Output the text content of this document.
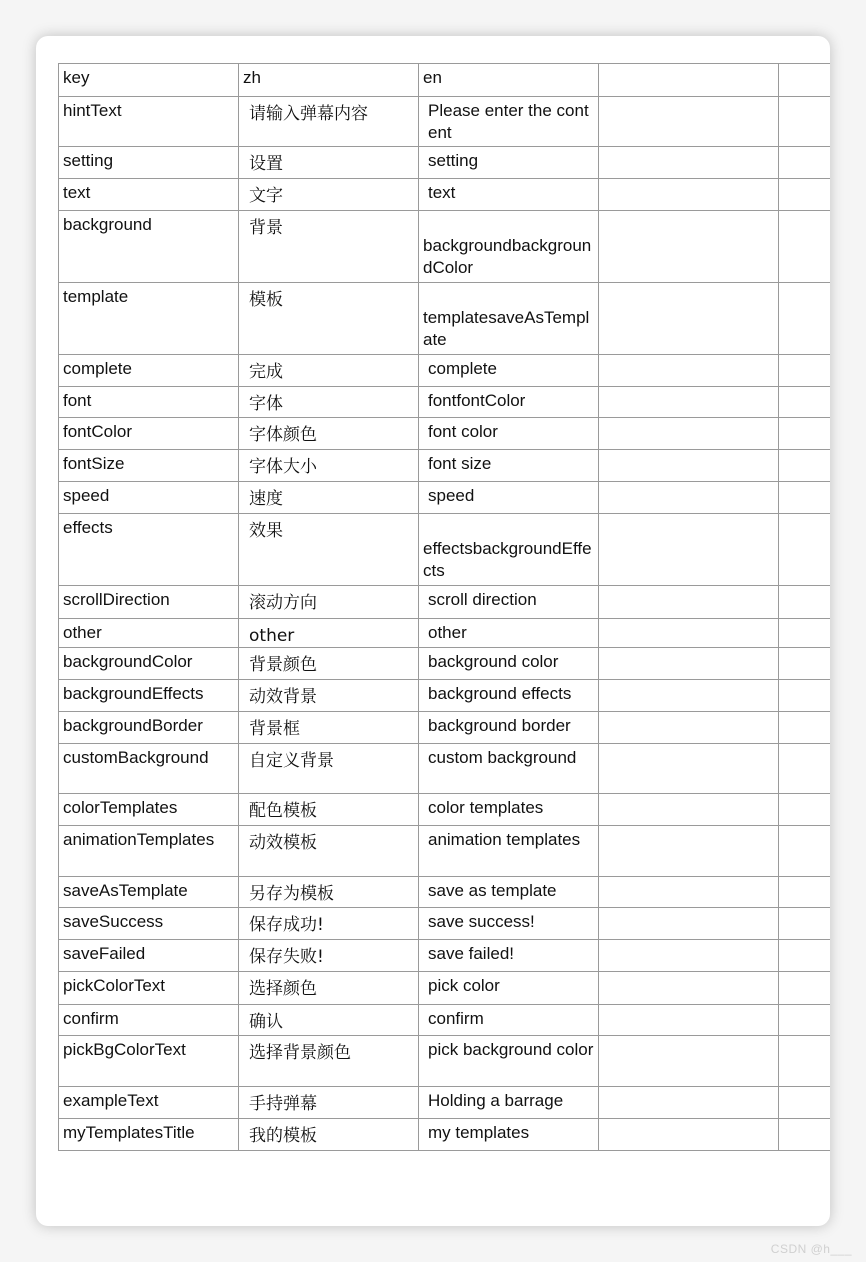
key	zh	en		
hintText	请输入弹幕内容	Please enter the content		
setting	设置	setting		
text	文字	text		
background	背景	backgroundbackgroundColor		
template	模板	templatesaveAsTemplate		
complete	完成	complete		
font	字体	fontfontColor		
fontColor	字体颜色	font color		
fontSize	字体大小	font size		
speed	速度	speed		
effects	效果	effectsbackgroundEffects		
scrollDirection	滚动方向	scroll direction		
other	other	other		
backgroundColor	背景颜色	background color		
backgroundEffects	动效背景	background effects		
backgroundBorder	背景框	background border		
customBackground	自定义背景	custom background		
colorTemplates	配色模板	color templates		
animationTemplates	动效模板	animation templates		
saveAsTemplate	另存为模板	save as template		
saveSuccess	保存成功!	save success!		
saveFailed	保存失败!	save failed!		
pickColorText	选择颜色	pick color		
confirm	确认	confirm		
pickBgColorText	选择背景颜色	pick background color		
exampleText	手持弹幕	Holding a barrage		
myTemplatesTitle	我的模板	my templates		
CSDN @h___
